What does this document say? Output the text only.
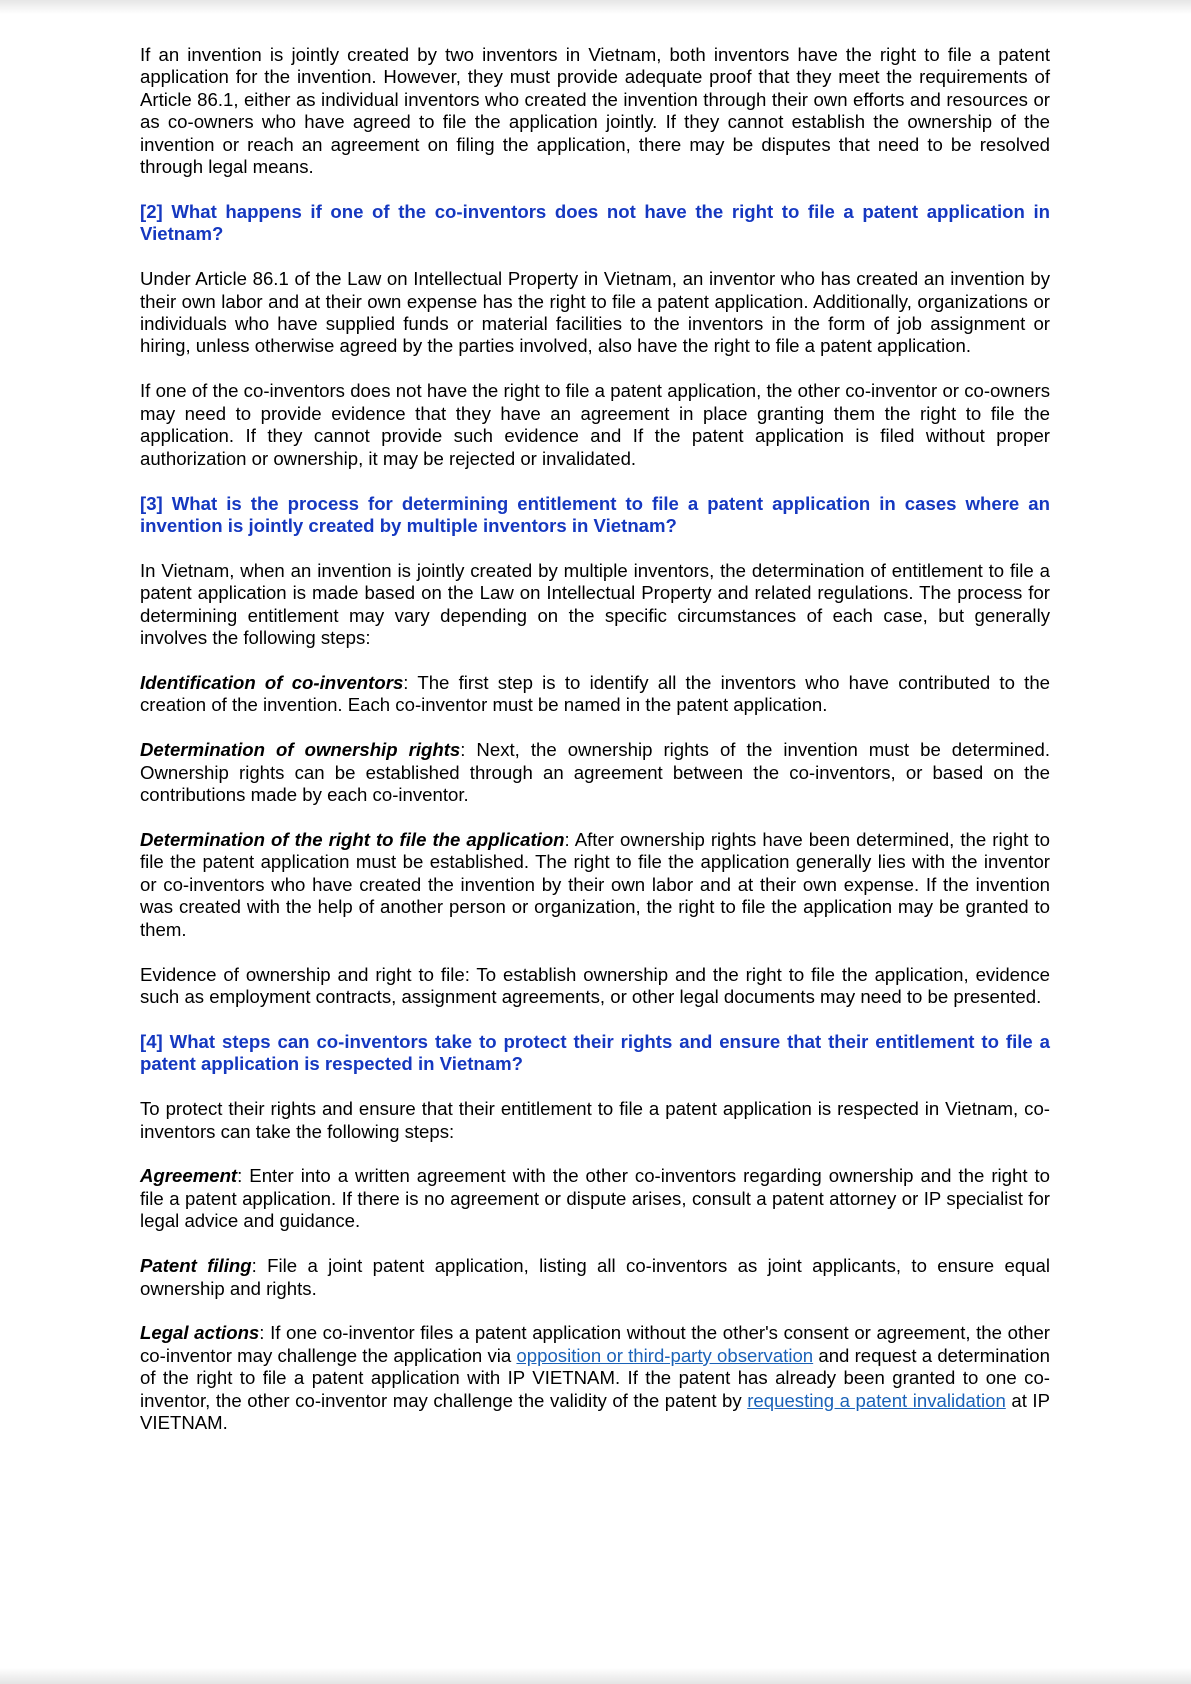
If an invention is jointly created by two inventors in Vietnam, both inventors have the right to file a patent application for the invention. However, they must provide adequate proof that they meet the requirements of Article 86.1, either as individual inventors who created the invention through their own efforts and resources or as co-owners who have agreed to file the application jointly. If they cannot establish the ownership of the invention or reach an agreement on filing the application, there may be disputes that need to be resolved through legal means.

[2] What happens if one of the co-inventors does not have the right to file a patent application in Vietnam?

Under Article 86.1 of the Law on Intellectual Property in Vietnam, an inventor who has created an invention by their own labor and at their own expense has the right to file a patent application. Additionally, organizations or individuals who have supplied funds or material facilities to the inventors in the form of job assignment or hiring, unless otherwise agreed by the parties involved, also have the right to file a patent application.

If one of the co-inventors does not have the right to file a patent application, the other co-inventor or co-owners may need to provide evidence that they have an agreement in place granting them the right to file the application. If they cannot provide such evidence and If the patent application is filed without proper authorization or ownership, it may be rejected or invalidated.

[3] What is the process for determining entitlement to file a patent application in cases where an invention is jointly created by multiple inventors in Vietnam?

In Vietnam, when an invention is jointly created by multiple inventors, the determination of entitlement to file a patent application is made based on the Law on Intellectual Property and related regulations. The process for determining entitlement may vary depending on the specific circumstances of each case, but generally involves the following steps:

Identification of co-inventors: The first step is to identify all the inventors who have contributed to the creation of the invention. Each co-inventor must be named in the patent application.

Determination of ownership rights: Next, the ownership rights of the invention must be determined. Ownership rights can be established through an agreement between the co-inventors, or based on the contributions made by each co-inventor.

Determination of the right to file the application: After ownership rights have been determined, the right to file the patent application must be established. The right to file the application generally lies with the inventor or co-inventors who have created the invention by their own labor and at their own expense. If the invention was created with the help of another person or organization, the right to file the application may be granted to them.

Evidence of ownership and right to file: To establish ownership and the right to file the application, evidence such as employment contracts, assignment agreements, or other legal documents may need to be presented.

[4] What steps can co-inventors take to protect their rights and ensure that their entitlement to file a patent application is respected in Vietnam?

To protect their rights and ensure that their entitlement to file a patent application is respected in Vietnam, co-inventors can take the following steps:

Agreement: Enter into a written agreement with the other co-inventors regarding ownership and the right to file a patent application. If there is no agreement or dispute arises, consult a patent attorney or IP specialist for legal advice and guidance.

Patent filing: File a joint patent application, listing all co-inventors as joint applicants, to ensure equal ownership and rights.

Legal actions: If one co-inventor files a patent application without the other's consent or agreement, the other co-inventor may challenge the application via opposition or third-party observation and request a determination of the right to file a patent application with IP VIETNAM. If the patent has already been granted to one co-inventor, the other co-inventor may challenge the validity of the patent by requesting a patent invalidation at IP VIETNAM.
